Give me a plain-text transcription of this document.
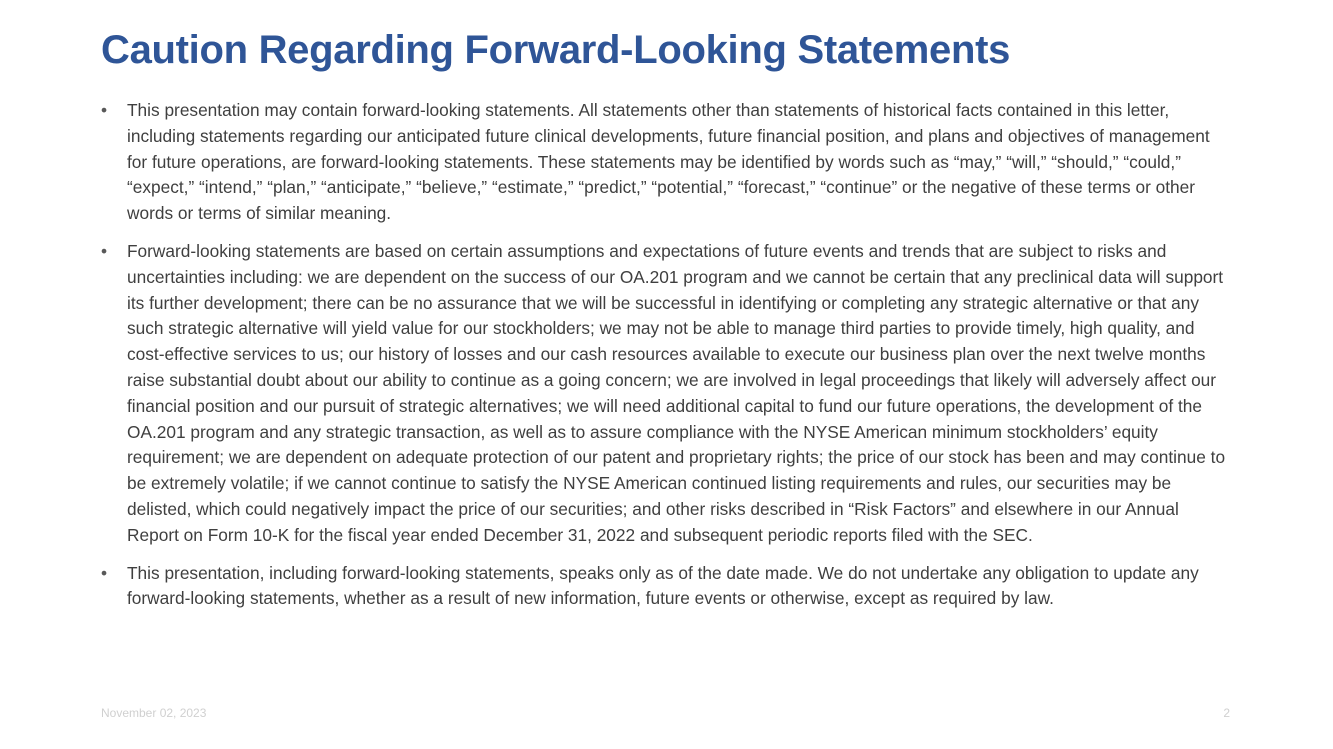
Caution Regarding Forward-Looking Statements
•	This presentation may contain forward-looking statements. All statements other than statements of historical facts contained in this letter, including statements regarding our anticipated future clinical developments, future financial position, and plans and objectives of management for future operations, are forward-looking statements. These statements may be identified by words such as “may,” “will,” “should,” “could,” “expect,” “intend,” “plan,” “anticipate,” “believe,” “estimate,” “predict,” “potential,” “forecast,” “continue” or the negative of these terms or other words or terms of similar meaning.
•	Forward-looking statements are based on certain assumptions and expectations of future events and trends that are subject to risks and uncertainties including: we are dependent on the success of our OA.201 program and we cannot be certain that any preclinical data will support its further development; there can be no assurance that we will be successful in identifying or completing any strategic alternative or that any such strategic alternative will yield value for our stockholders; we may not be able to manage third parties to provide timely, high quality, and cost-effective services to us; our history of losses and our cash resources available to execute our business plan over the next twelve months raise substantial doubt about our ability to continue as a going concern; we are involved in legal proceedings that likely will adversely affect our financial position and our pursuit of strategic alternatives; we will need additional capital to fund our future operations, the development of the OA.201 program and any strategic transaction, as well as to assure compliance with the NYSE American minimum stockholders’ equity requirement; we are dependent on adequate protection of our patent and proprietary rights; the price of our stock has been and may continue to be extremely volatile; if we cannot continue to satisfy the NYSE American continued listing requirements and rules, our securities may be delisted, which could negatively impact the price of our securities; and other risks described in “Risk Factors” and elsewhere in our Annual Report on Form 10-K for the fiscal year ended December 31, 2022 and subsequent periodic reports filed with the SEC.
•	This presentation, including forward-looking statements, speaks only as of the date made. We do not undertake any obligation to update any forward-looking statements, whether as a result of new information, future events or otherwise, except as required by law.
November 02, 2023	2
